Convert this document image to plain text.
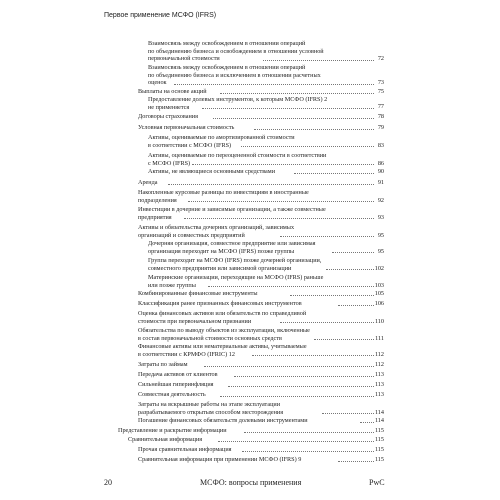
Первое применение МСФО (IFRS)
Взаимосвязь между освобождением в отношении операций
по объединению бизнеса и освобождением в отношении условной
первоначальной стоимости	72
Взаимосвязь между освобождением в отношении операций
по объединению бизнеса и исключением в отношении расчетных
оценок	73
Выплаты на основе акций	75
Предоставление долевых инструментов, к которым МСФО (IFRS) 2
не применяется	77
Договоры страхования	78
Условная первоначальная стоимость	79
Активы, оцениваемые по амортизированной стоимости
в соответствии с МСФО (IFRS)	83
Активы, оцениваемые по переоцененной стоимости в соответствии
с МСФО (IFRS)	86
Активы, не являющиеся основными средствами	90
Аренда	91
Накопленные курсовые разницы по инвестициям в иностранные
подразделения	92
Инвестиции в дочерние и зависимые организации, а также совместные
предприятия	93
Активы и обязательства дочерних организаций, зависимых
организаций и совместных предприятий	95
Дочерняя организация, совместное предприятие или зависимая
организация переходит на МСФО (IFRS) позже группы	95
Группа переходит на МСФО (IFRS) позже дочерней организации,
совместного предприятия или зависимой организации	102
Материнские организации, переходящие на МСФО (IFRS) раньше
или позже группы	103
Комбинированные финансовые инструменты	105
Классификация ранее признанных финансовых инструментов	106
Оценка финансовых активов или обязательств по справедливой
стоимости при первоначальном признании	110
Обязательства по выводу объектов из эксплуатации, включенные
в состав первоначальной стоимости основных средств	111
Финансовые активы или нематериальные активы, учитываемые
в соответствии с КРМФО (IFRIC) 12	112
Затраты по займам	112
Передача активов от клиентов	113
Сильнейшая гиперинфляция	113
Совместная деятельность	113
Затраты на вскрышные работы на этапе эксплуатации
разрабатываемого открытым способом месторождения	114
Погашение финансовых обязательств долевыми инструментами	114
Представление и раскрытие информации	115
Сравнительная информация	115
Прочая сравнительная информация	115
Сравнительная информация при применении МСФО (IFRS) 9	115
20	МСФО: вопросы применения	PwC
